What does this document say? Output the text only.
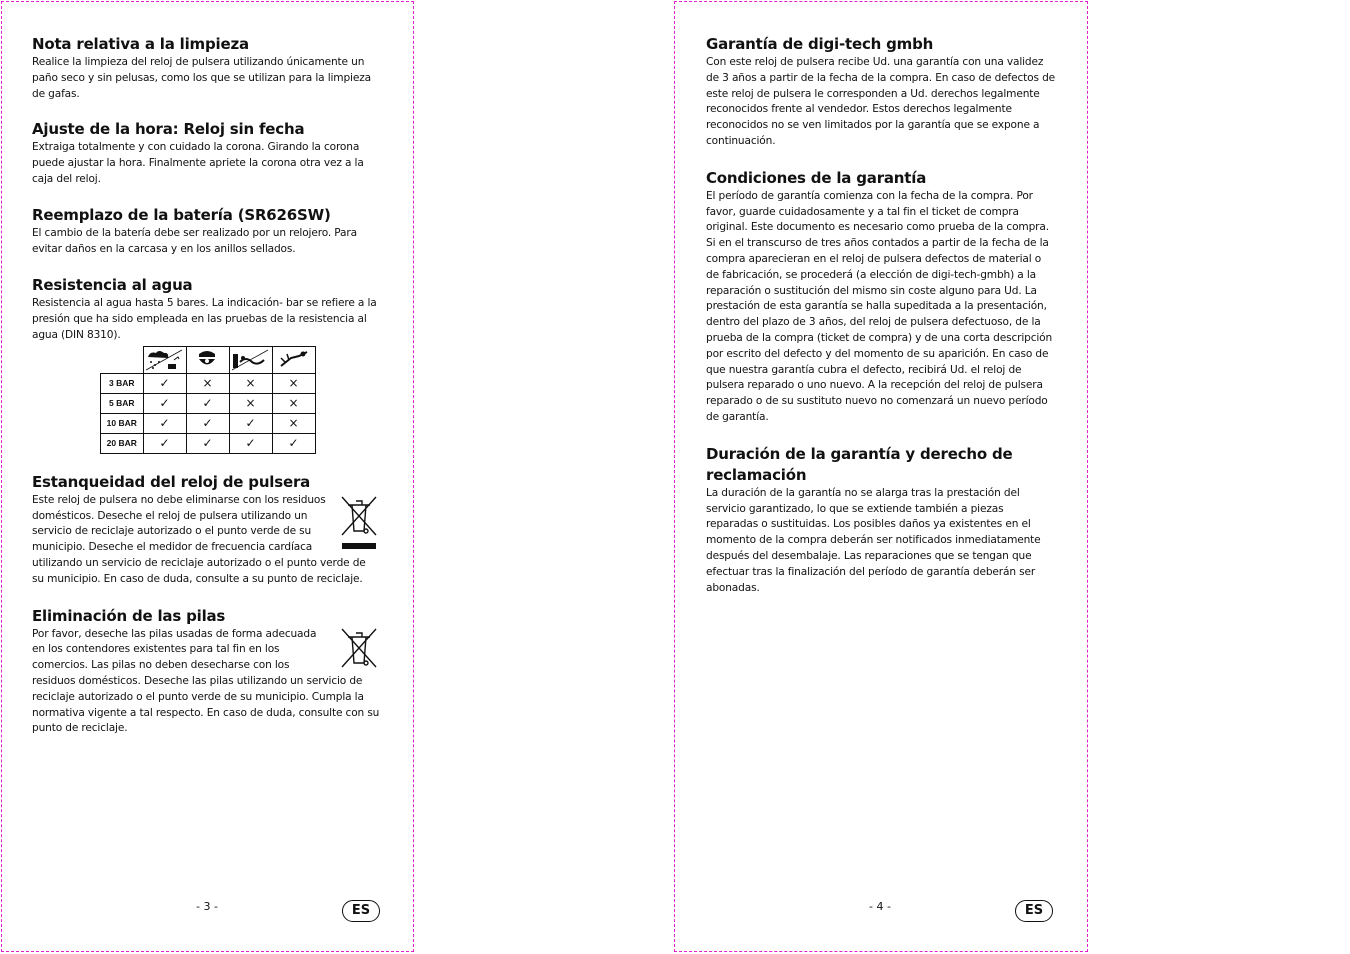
Nota relativa a la limpieza

Realice la limpieza del reloj de pulsera utilizando únicamente un paño seco y sin pelusas, como los que se utilizan para la limpieza de gafas.

Ajuste de la hora: Reloj sin fecha

Extraiga totalmente y con cuidado la corona. Girando la corona puede ajustar la hora. Finalmente apriete la corona otra vez a la caja del reloj.

Reemplazo de la batería (SR626SW)

El cambio de la batería debe ser realizado por un relojero. Para evitar daños en la carcasa y en los anillos sellados.

Resistencia al agua

Resistencia al agua hasta 5 bares. La indicación- bar se refiere a la presión que ha sido empleada en las pruebas de la resistencia al agua (DIN 8310).

3 BAR	✓	×	×	×
5 BAR	✓	✓	×	×
10 BAR	✓	✓	✓	×
20 BAR	✓	✓	✓	✓
Estanqueidad del reloj de pulsera

Este reloj de pulsera no debe eliminarse con los residuos domésticos. Deseche el reloj de pulsera utilizando un servicio de reciclaje autorizado o el punto verde de su municipio. Deseche el medidor de frecuencia cardíaca utilizando un servicio de reciclaje autorizado o el punto verde de su municipio. En caso de duda, consulte a su punto de reciclaje.

Eliminación de las pilas

Por favor, deseche las pilas usadas de forma adecuada en los contendores existentes para tal fin en los comercios. Las pilas no deben desecharse con los residuos domésticos. Deseche las pilas utilizando un servicio de reciclaje autorizado o el punto verde de su municipio. Cumpla la normativa vigente a tal respecto. En caso de duda, consulte con su punto de reciclaje.

- 3 -	ES
Garantía de digi-tech gmbh

Con este reloj de pulsera recibe Ud. una garantía con una validez de 3 años a partir de la fecha de la compra. En caso de defectos de este reloj de pulsera le corresponden a Ud. derechos legalmente reconocidos frente al vendedor. Estos derechos legalmente reconocidos no se ven limitados por la garantía que se expone a continuación.

Condiciones de la garantía

El período de garantía comienza con la fecha de la compra. Por favor, guarde cuidadosamente y a tal fin el ticket de compra original. Este documento es necesario como prueba de la compra. Si en el transcurso de tres años contados a partir de la fecha de la compra aparecieran en el reloj de pulsera defectos de material o de fabricación, se procederá (a elección de digi-tech-gmbh) a la reparación o sustitución del mismo sin coste alguno para Ud. La prestación de esta garantía se halla supeditada a la presentación, dentro del plazo de 3 años, del reloj de pulsera defectuoso, de la prueba de la compra (ticket de compra) y de una corta descripción por escrito del defecto y del momento de su aparición. En caso de que nuestra garantía cubra el defecto, recibirá Ud. el reloj de pulsera reparado o uno nuevo. A la recepción del reloj de pulsera reparado o de su sustituto nuevo no comenzará un nuevo período de garantía.

Duración de la garantía y derecho de reclamación

La duración de la garantía no se alarga tras la prestación del servicio garantizado, lo que se extiende también a piezas reparadas o sustituidas. Los posibles daños ya existentes en el momento de la compra deberán ser notificados inmediatamente después del desembalaje. Las reparaciones que se tengan que efectuar tras la finalización del período de garantía deberán ser abonadas.

- 4 -	ES
